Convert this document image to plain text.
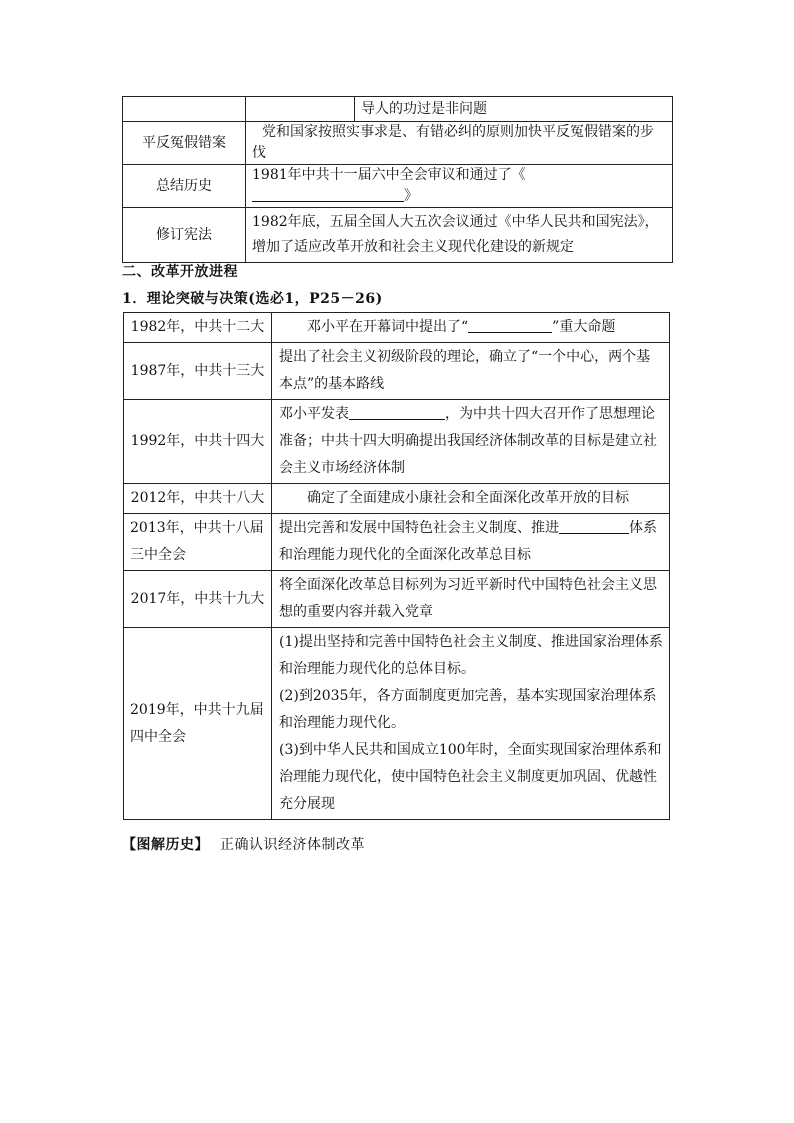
		导人的功过是非问题
平反冤假错案	党和国家按照实事求是、有错必纠的原则加快平反冤假错案的步伐	
总结历史	1981年中共十一届六中全会审议和通过了《》	
修订宪法	1982年底，五届全国人大五次会议通过《中华人民共和国宪法》，增加了适应改革开放和社会主义现代化建设的新规定	
二、改革开放进程
1．理论突破与决策(选必1，P25－26)
1982年，中共十二大	邓小平在开幕词中提出了“ ”重大命题
1987年，中共十三大	提出了社会主义初级阶段的理论，确立了“一个中心，两个基本点”的基本路线
1992年，中共十四大	邓小平发表 ，为中共十四大召开作了思想理论准备；中共十四大明确提出我国经济体制改革的目标是建立社会主义市场经济体制
2012年，中共十八大	确定了全面建成小康社会和全面深化改革开放的目标
2013年，中共十八届三中全会	提出完善和发展中国特色社会主义制度、推进 体系和治理能力现代化的全面深化改革总目标
2017年，中共十九大	将全面深化改革总目标列为习近平新时代中国特色社会主义思想的重要内容并载入党章
2019年，中共十九届四中全会	(1)提出坚持和完善中国特色社会主义制度、推进国家治理体系和治理能力现代化的总体目标。
(2)到2035年，各方面制度更加完善，基本实现国家治理体系和治理能力现代化。
(3)到中华人民共和国成立100年时，全面实现国家治理体系和治理能力现代化，使中国特色社会主义制度更加巩固、优越性充分展现
【图解历史】 正确认识经济体制改革
